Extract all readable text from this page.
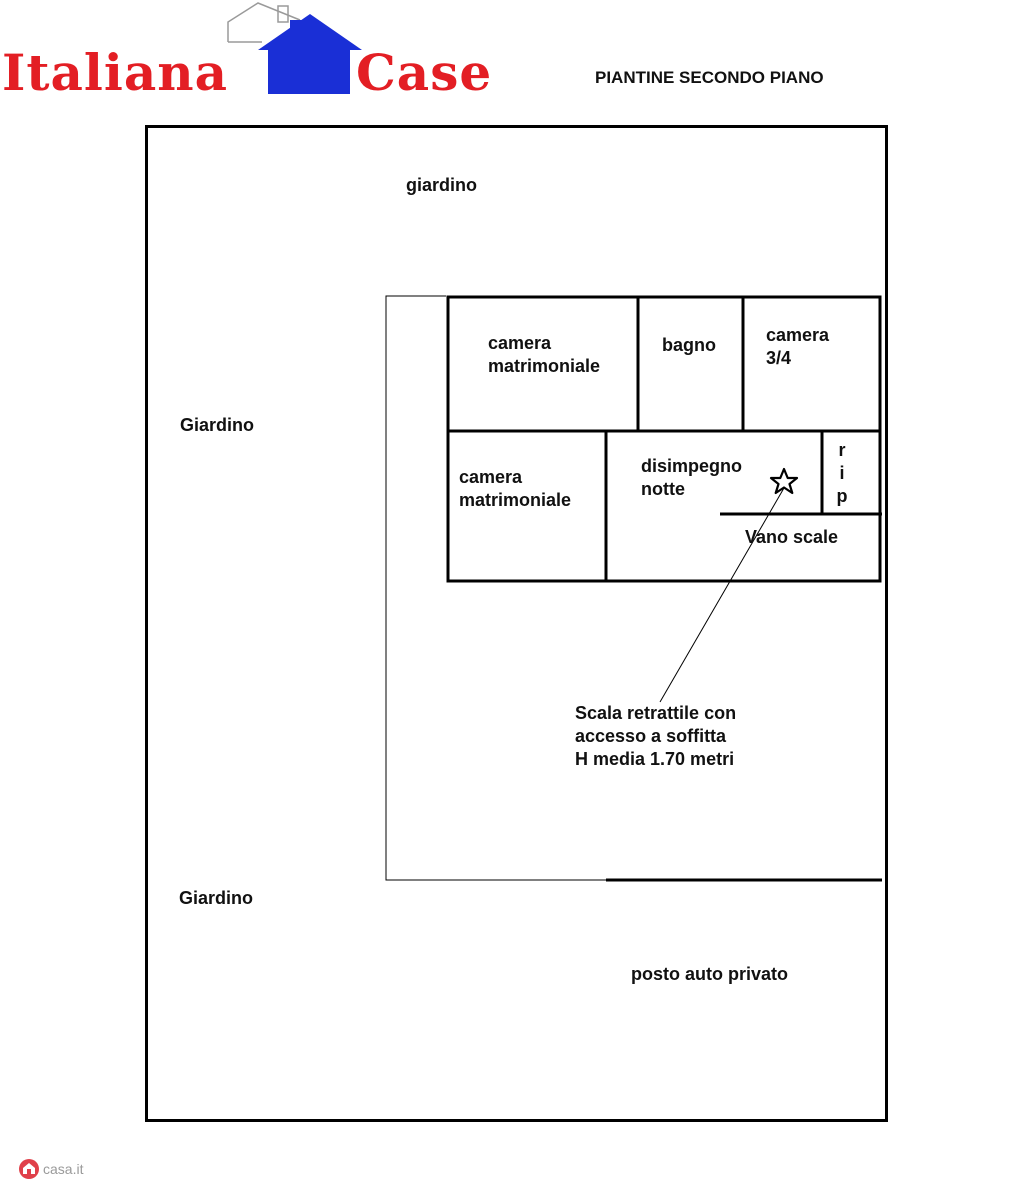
Italiana	Case	PIANTINE SECONDO PIANO
giardino
Giardino
Giardino
posto auto privato
camera
matrimoniale
bagno	camera
3/4
camera
matrimoniale
disimpegno
notte
r
i
p
Vano scale
Scala retrattile con
accesso a soffitta
H media 1.70 metri
casa.it
